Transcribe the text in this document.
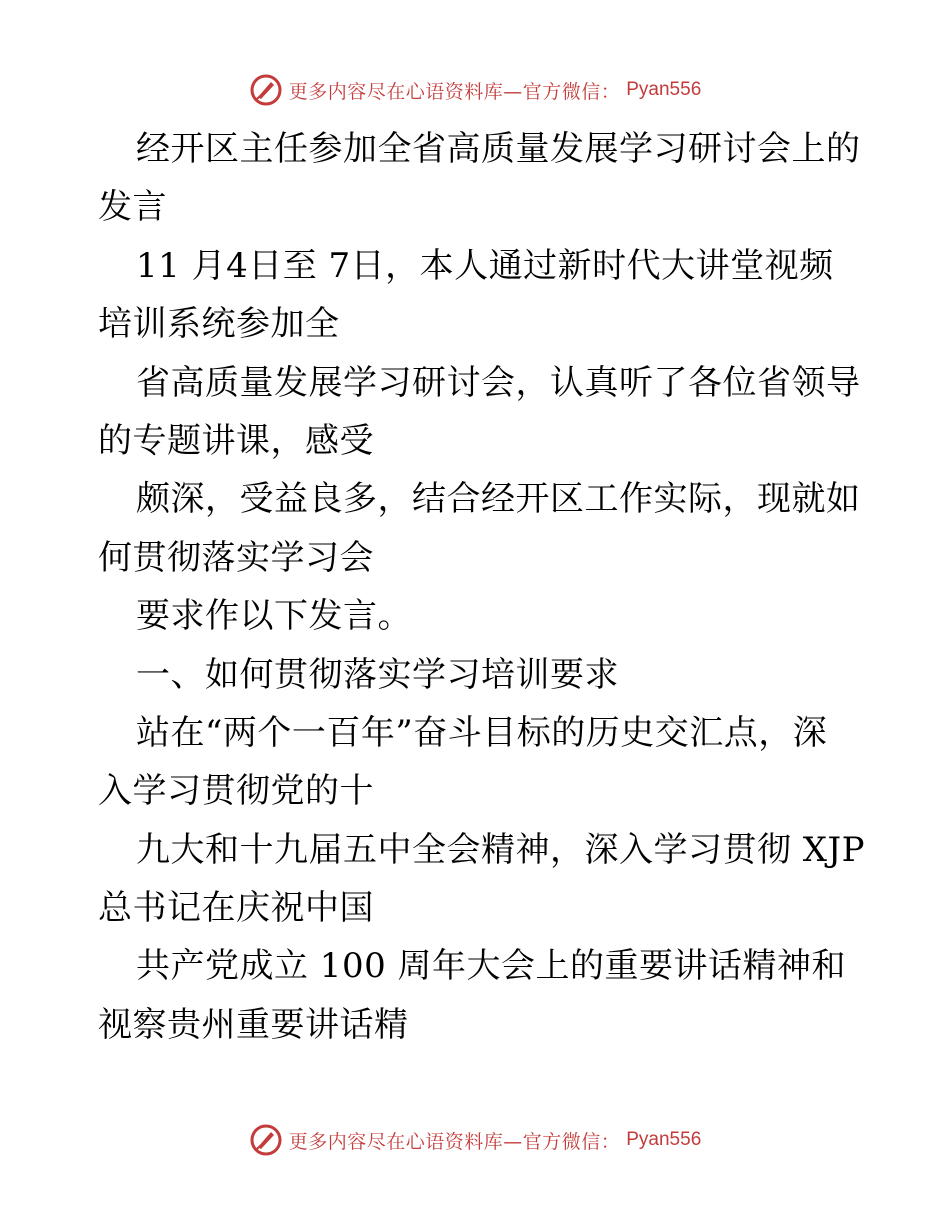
更多内容尽在心语资料库—官方微信： Pyan556
经开区主任参加全省高质量发展学习研讨会上的
发言
11 月4日至 7日，本人通过新时代大讲堂视频
培训系统参加全
省高质量发展学习研讨会，认真听了各位省领导
的专题讲课，感受
颇深，受益良多，结合经开区工作实际，现就如
何贯彻落实学习会
要求作以下发言。
一、如何贯彻落实学习培训要求
站在“两个一百年”奋斗目标的历史交汇点，深
入学习贯彻党的十
九大和十九届五中全会精神，深入学习贯彻 XJP
总书记在庆祝中国
共产党成立 100 周年大会上的重要讲话精神和
视察贵州重要讲话精
更多内容尽在心语资料库—官方微信： Pyan556
